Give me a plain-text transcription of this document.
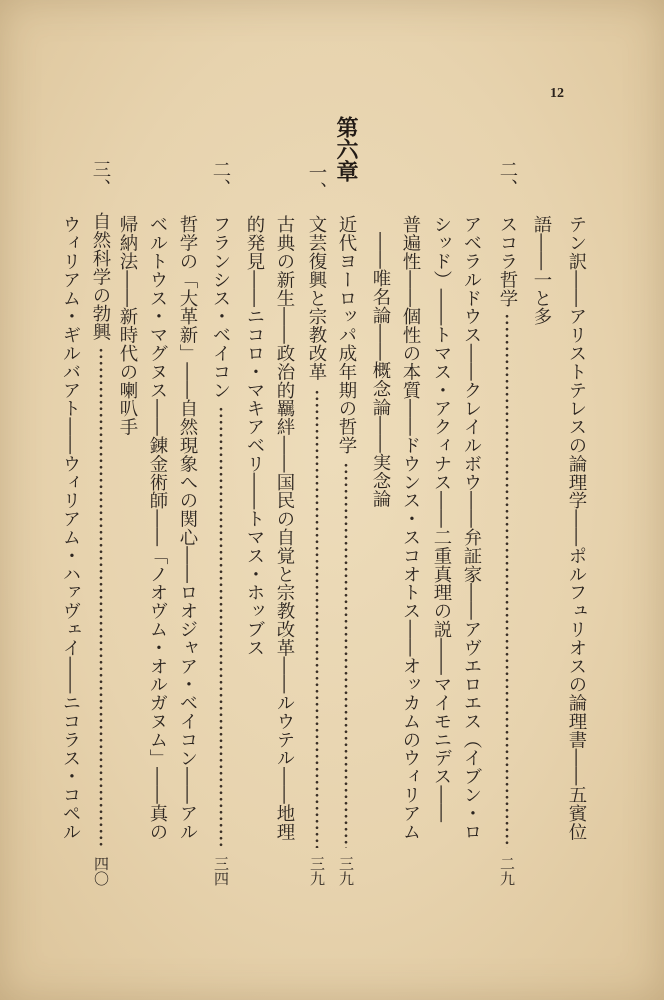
12
テン訳――アリストテレスの論理学――ポルフュリオスの論理書――五賓位
語――一と多
二、
スコラ哲学
二九
アベラルドウス――クレイルボウ――弁証家――アヴエロエス（イブン・ロ
シッド）――トマス・アクィナス――二重真理の説――マイモニデス――
普遍性――個性の本質――ドウンス・スコオトス――オッカムのウィリアム
――唯名論――概念論――実念論
第六章
近代ヨーロッパ成年期の哲学
三九
一、
文芸復興と宗教改革
三九
古典の新生――政治的羈絆――国民の自覚と宗教改革――ルウテル――地理
的発見――ニコロ・マキアベリ――トマス・ホッブス
二、
フランシス・ベイコン
三四
哲学の「大革新」――自然現象への関心――ロオジャア・ベイコン――アル
ベルトウス・マグヌス――錬金術師――「ノオヴム・オルガヌム」――真の
帰納法――新時代の喇叭手
三、
自然科学の勃興
四〇
ウィリアム・ギルバアト――ウィリアム・ハァヴェイ――ニコラス・コペル
